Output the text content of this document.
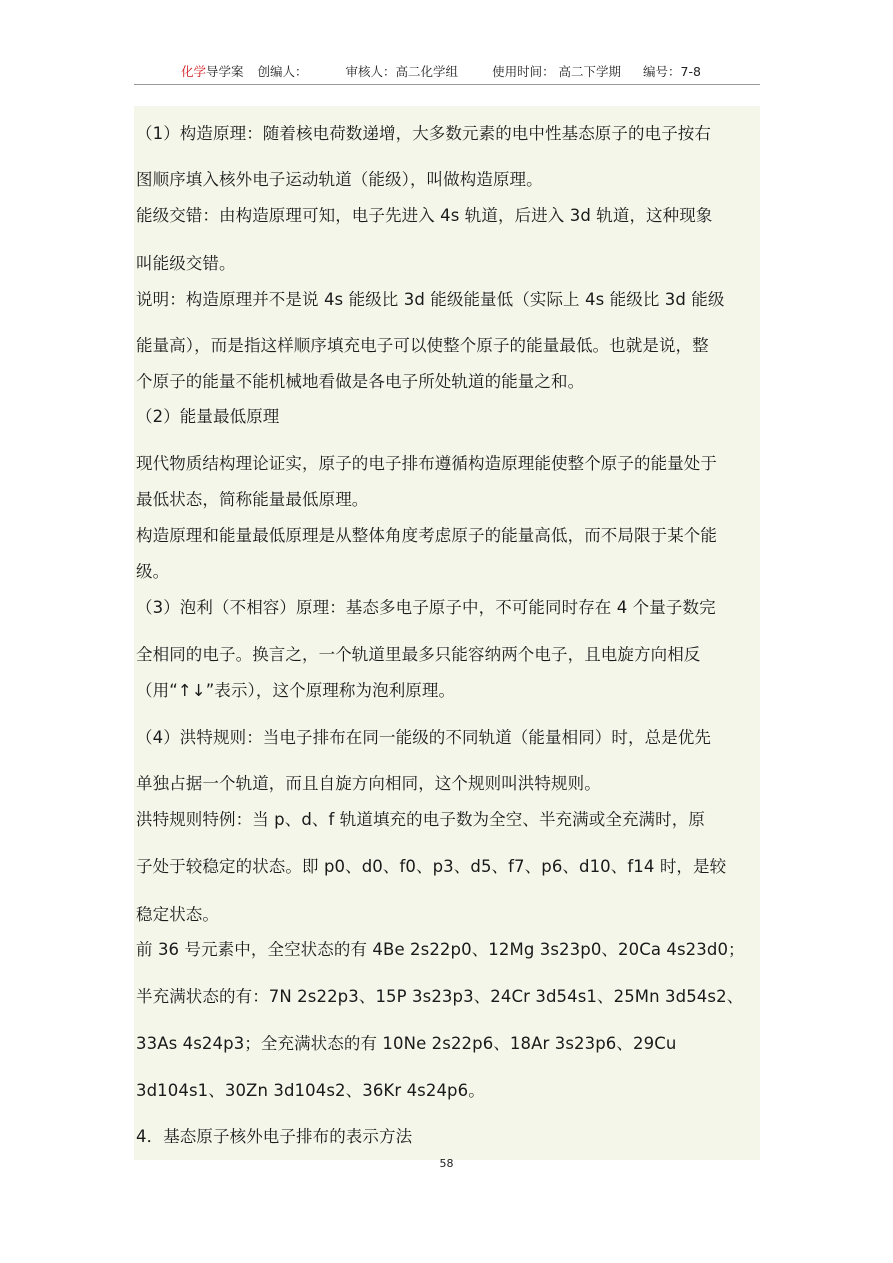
化学导学案 创编人：	审核人：高二化学组	使用时间： 高二下学期 编号：7-8
（1）构造原理：随着核电荷数递增，大多数元素的电中性基态原子的电子按右
图顺序填入核外电子运动轨道（能级），叫做构造原理。
能级交错：由构造原理可知，电子先进入 4s 轨道，后进入 3d 轨道，这种现象
叫能级交错。
说明：构造原理并不是说 4s 能级比 3d 能级能量低（实际上 4s 能级比 3d 能级
能量高），而是指这样顺序填充电子可以使整个原子的能量最低。也就是说，整
个原子的能量不能机械地看做是各电子所处轨道的能量之和。
（2）能量最低原理
现代物质结构理论证实，原子的电子排布遵循构造原理能使整个原子的能量处于
最低状态，简称能量最低原理。
构造原理和能量最低原理是从整体角度考虑原子的能量高低，而不局限于某个能
级。
（3）泡利（不相容）原理：基态多电子原子中，不可能同时存在 4 个量子数完
全相同的电子。换言之，一个轨道里最多只能容纳两个电子，且电旋方向相反
（用“↑↓”表示），这个原理称为泡利原理。
（4）洪特规则：当电子排布在同一能级的不同轨道（能量相同）时，总是优先
单独占据一个轨道，而且自旋方向相同，这个规则叫洪特规则。
洪特规则特例：当 p、d、f 轨道填充的电子数为全空、半充满或全充满时，原
子处于较稳定的状态。即 p0、d0、f0、p3、d5、f7、p6、d10、f14 时，是较
稳定状态。
前 36 号元素中，全空状态的有 4Be 2s22p0、12Mg 3s23p0、20Ca 4s23d0；
半充满状态的有：7N 2s22p3、15P 3s23p3、24Cr 3d54s1、25Mn 3d54s2、
33As 4s24p3；全充满状态的有 10Ne 2s22p6、18Ar 3s23p6、29Cu
3d104s1、30Zn 3d104s2、36Kr 4s24p6。
4．基态原子核外电子排布的表示方法
58
